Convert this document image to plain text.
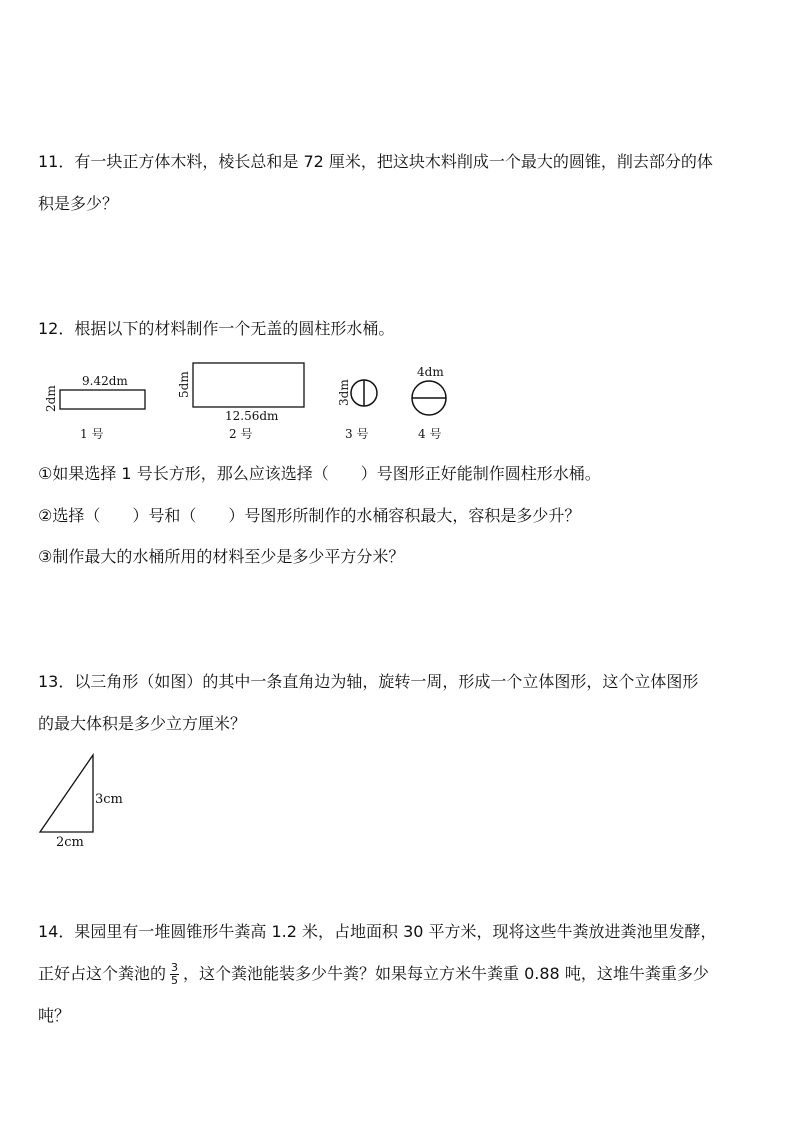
11．有一块正方体木料，棱长总和是 72 厘米，把这块木料削成一个最大的圆锥，削去部分的体
积是多少？
12．根据以下的材料制作一个无盖的圆柱形水桶。
9.42dm
2dm
1 号
5dm
12.56dm
2 号
3dm
3 号
4dm
4 号
①如果选择 1 号长方形，那么应该选择（　　）号图形正好能制作圆柱形水桶。
②选择（　　）号和（　　）号图形所制作的水桶容积最大，容积是多少升？
③制作最大的水桶所用的材料至少是多少平方分米？
13．以三角形（如图）的其中一条直角边为轴，旋转一周，形成一个立体图形，这个立体图形
的最大体积是多少立方厘米？
3cm
2cm
14．果园里有一堆圆锥形牛粪高 1.2 米，占地面积 30 平方米，现将这些牛粪放进粪池里发酵，
正好占这个粪池的 $\frac{3}{5}$ ，这个粪池能装多少牛粪？如果每立方米牛粪重 0.88 吨，这堆牛粪重多少
吨？
